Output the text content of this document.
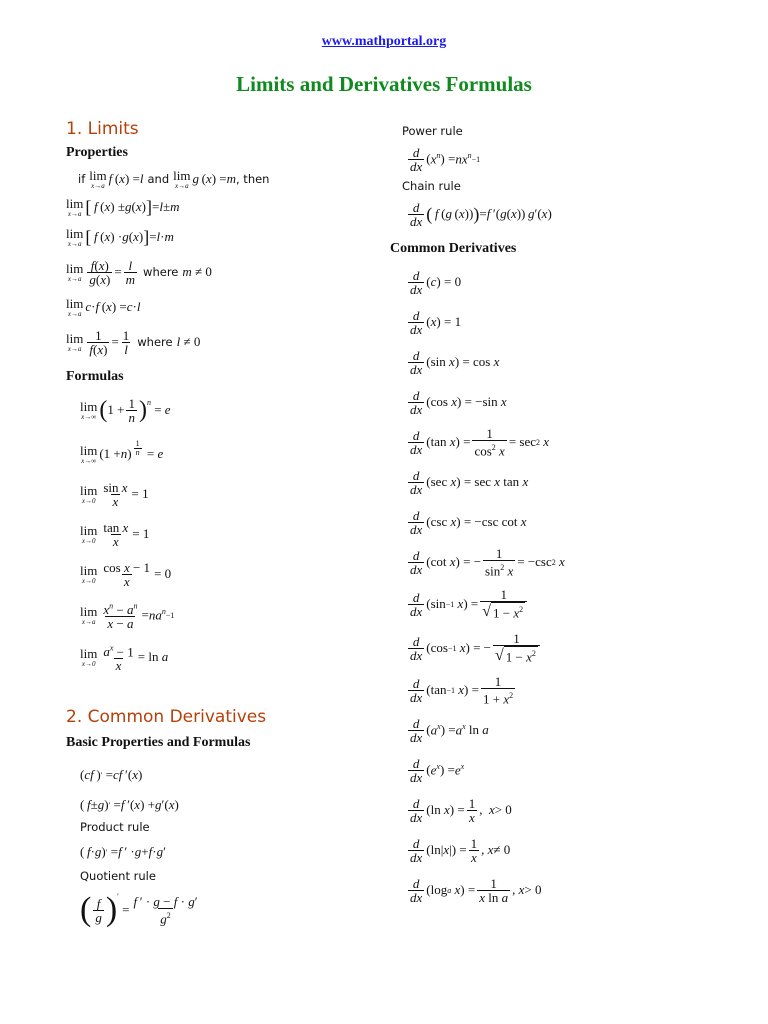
www.mathportal.org
Limits and Derivatives Formulas
1. Limits
Properties
if lim
x→a f  ( x ) = l and lim
x→a g  ( x ) = m , then
lim
x→a [
  f  ( x ) ± g ( x ) ] = l ± m
lim
x→a [
  f  ( x ) · g ( x ) ] = l · m
lim
$x\to a \frac{f(x)}{g(x)} = \frac{l}{m}$ where m ≠ 0
lim
x→a c · f  ( x ) = c · l
lim
$x\to a \frac{1}{f(x)} = \frac{1}{l}$ where l ≠ 0
Formulas
lim
x→∞ ( $1 + \frac{1}{n} )^n = e$
lim
x→∞ (1 + n ) $^{\frac{1}{n}}$ = e
lim
$x\to 0 \frac{\text{sin x}}{x} = 1$
lim
$x\to 0 \frac{\text{tan x}}{x} = 1$
lim
$x\to 0 \frac{\text{cos x − 1}}{x} = 0$
lim
$x\to a \frac{x^n - a^n}{x - a} = na^n -1$
lim
$x\to 0 \frac{a^x - 1}{x} = \ln a$
2. Common Derivatives
Basic Properties and Formulas
( cf  ) ′ = cf  ′( x )
(  f ± g ) ′ = f  ′( x ) + g ′( x )
Product rule
(  f · g ) ′ = f  ′ · g + f · g ′
Quotient rule
( $\frac{f}{g} )'$
= $\frac{f ' \cdot g - f \cdot g'}{g^2}$
Power rule
$\frac{d}{dx}$ ( $x^n$ ) = $nx^n -1$
Chain rule
$\frac{d}{dx}$ (
  f  ( g  ( x )) ) = f  ′( g ( x ))  g ′( x )
Common Derivatives
$\frac{d}{dx}$ ( c ) = 0
$\frac{d}{dx}$ ( x ) = 1
$\frac{d}{dx} (\sin$ x ) = cos x
$\frac{d}{dx} (\cos$ x ) = −sin x
$\frac{d}{dx} (\tan$ x ) = $\frac{1}{\cos^2 x} = \sec 2$
x
$\frac{d}{dx} (\sec$ x ) = sec x tan x
$\frac{d}{dx} (\csc$ x ) = −csc cot x
$\frac{d}{dx} (\cot$ x ) = − $\frac{1}{\sin^2 x} = -\csc$ 2
x
$\frac{d}{dx} (\sin -1$
x ) = $\frac{1}{√ 1 - x^2}$
$\frac{d}{dx} (\cos -1$
x ) = − $\frac{1}{√ 1 - x^2}$
$\frac{d}{dx} (\tan -1$
x ) = $\frac{1}{1 + x^2}$
$\frac{d}{dx}$ ( $a^x$ ) = $a^x$ ln a
$\frac{d}{dx}$ ( $e^x$ ) = $e^x$
$\frac{d}{dx} (\ln$ x ) = $\frac{1}{x}$ , x > 0
$\frac{d}{dx} (\ln|$ x |) = $\frac{1}{x}$ , x ≠ 0
$\frac{d}{dx} (\log$ a
x ) = $\frac{1}{\text{x ln a}}$ , x > 0
